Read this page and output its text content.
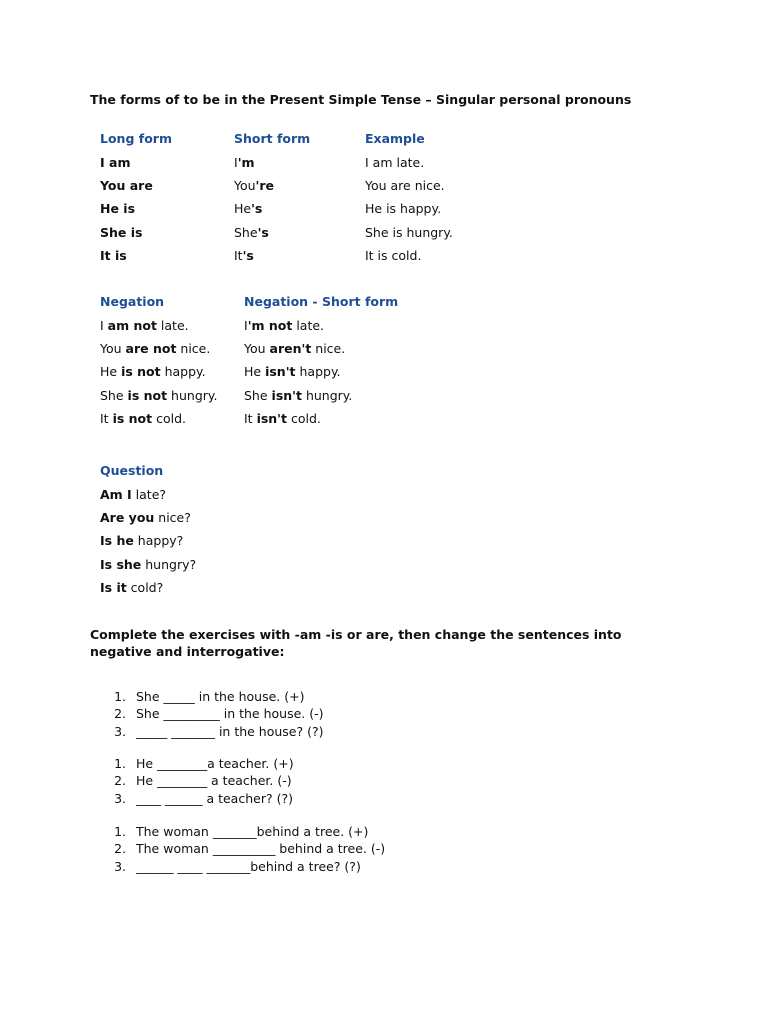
The forms of to be in the Present Simple Tense – Singular personal pronouns
Long form	Short form	Example
I am	I'm	I am late.
You are	You're	You are nice.
He is	He's	He is happy.
She is	She's	She is hungry.
It is	It's	It is cold.
Negation	Negation - Short form
I am not late.	I'm not late.
You are not nice.	You aren't nice.
He is not happy.	He isn't happy.
She is not hungry.	She isn't hungry.
It is not cold.	It isn't cold.
Question
Am I late?
Are you nice?
Is he happy?
Is she hungry?
Is it cold?
Complete the exercises with -am -is or are, then change the sentences into negative and interrogative:
1. She _____ in the house. (+)
2. She _________ in the house. (-)
3. _____ _______ in the house? (?)
1. He ________a teacher. (+)
2. He ________ a teacher. (-)
3. ____ ______ a teacher? (?)
1. The woman _______behind a tree. (+)
2. The woman __________ behind a tree. (-)
3. ______ ____ _______behind a tree? (?)
